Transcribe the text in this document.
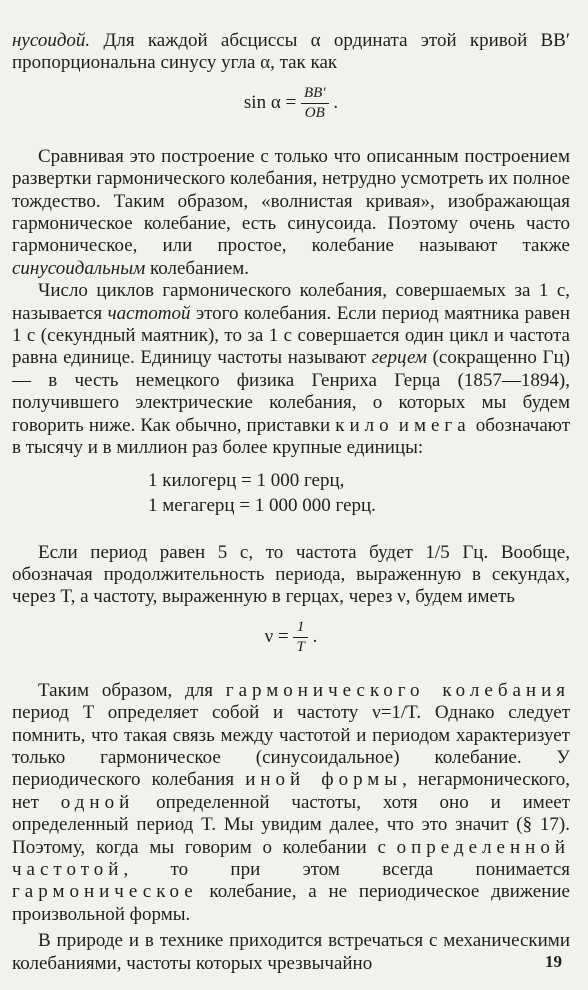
нусоидой. Для каждой абсциссы α ордината этой кривой BB′ пропорциональна синусу угла α, так как

$\sin \alpha = \frac{BB'}{OB}$ .

Сравнивая это построение с только что описанным построением развертки гармонического колебания, нетрудно усмотреть их полное тождество. Таким образом, «волнистая кривая», изображающая гармоническое колебание, есть синусоида. Поэтому очень часто гармоническое, или простое, колебание называют также синусоидальным колебанием.

Число циклов гармонического колебания, совершаемых за 1 с, называется частотой этого колебания. Если период маятника равен 1 с (секундный маятник), то за 1 с совершается один цикл и частота равна единице. Единицу частоты называют герцем (сокращенно Гц) — в честь немецкого физика Генриха Герца (1857—1894), получившего электрические колебания, о которых мы будем говорить ниже. Как обычно, приставки кило и мега обозначают в тысячу и в миллион раз более крупные единицы:

1 килогерц = 1 000 герц,
1 мегагерц = 1 000 000 герц.

Если период равен 5 с, то частота будет 1/5 Гц. Вообще, обозначая продолжительность периода, выраженную в секундах, через T, а частоту, выраженную в герцах, через ν, будем иметь

$\nu = \frac{1}{T}$ .

Таким образом, для гармонического колебания период T определяет собой и частоту ν=1/T. Однако следует помнить, что такая связь между частотой и периодом характеризует только гармоническое (синусоидальное) колебание. У периодического колебания иной формы, негармонического, нет одной определенной частоты, хотя оно и имеет определенный период T. Мы увидим далее, что это значит (§ 17). Поэтому, когда мы говорим о колебании с определенной частотой, то при этом всегда понимается гармоническое колебание, а не периодическое движение произвольной формы.

В природе и в технике приходится встречаться с механическими колебаниями, частоты которых чрезвычайно	19
